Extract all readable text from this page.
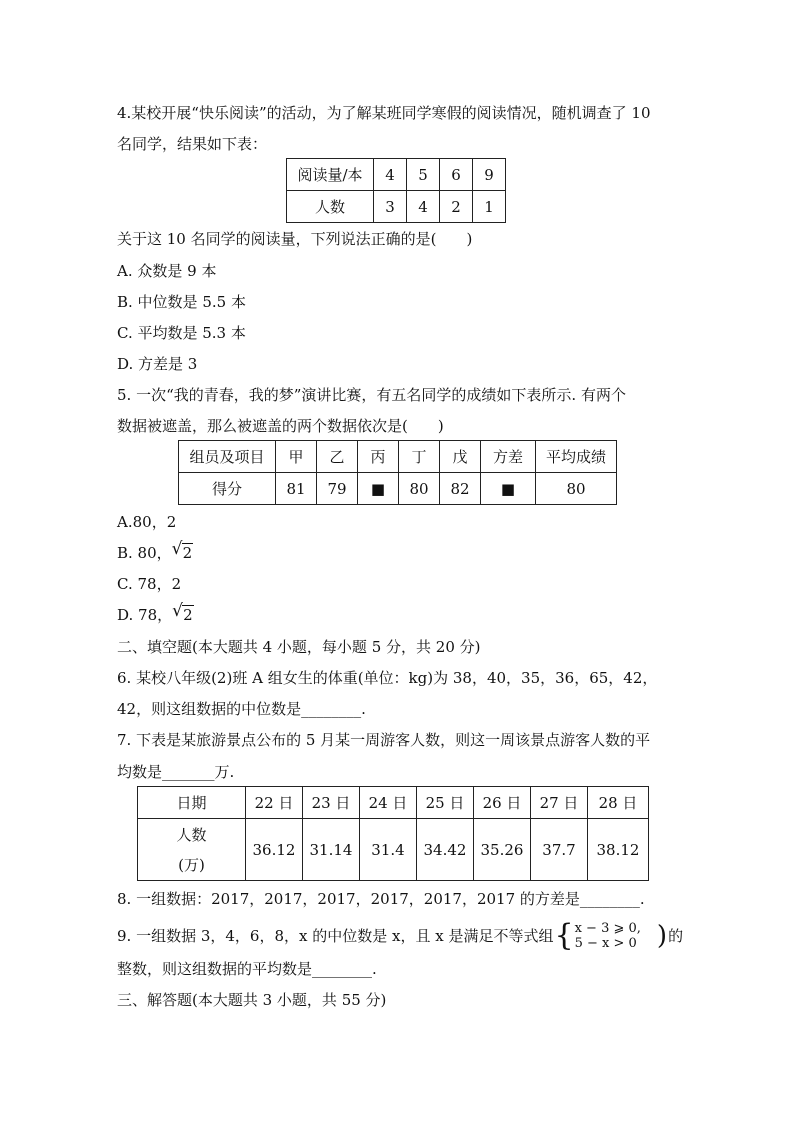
4.某校开展“快乐阅读”的活动，为了解某班同学寒假的阅读情况，随机调查了 10
名同学，结果如下表：
阅读量/本	4	5	6	9
人数	3	4	2	1
关于这 10 名同学的阅读量，下列说法正确的是(　　)
A. 众数是 9 本
B. 中位数是 5.5 本
C. 平均数是 5.3 本
D. 方差是 3
5. 一次“我的青春，我的梦”演讲比赛，有五名同学的成绩如下表所示. 有两个
数据被遮盖，那么被遮盖的两个数据依次是(　　)
组员及项目	甲	乙	丙	丁	戊	方差	平均成绩
得分	81	79	■	80	82	■	80
A.80，2
B. 80， √ 2
C. 78，2
D. 78， √ 2
二、填空题(本大题共 4 小题，每小题 5 分，共 20 分)
6. 某校八年级(2)班 A 组女生的体重(单位：kg)为 38，40，35，36，65，42，
42，则这组数据的中位数是________.
7. 下表是某旅游景点公布的 5 月某一周游客人数，则这一周该景点游客人数的平
均数是_______万.
日期	22 日	23 日	24 日	25 日	26 日	27 日	28 日

人数
(万)	36.12	31.14	31.4	34.42	35.26	37.7	38.12
8. 一组数据：2017，2017，2017，2017，2017，2017 的方差是________.
9. 一组数据 3，4，6，8，x 的中位数是 x，且 x 是满足不等式组{ x − 3 ⩾ 0,
5 − x > 0 )的
整数，则这组数据的平均数是________.
三、解答题(本大题共 3 小题，共 55 分)
